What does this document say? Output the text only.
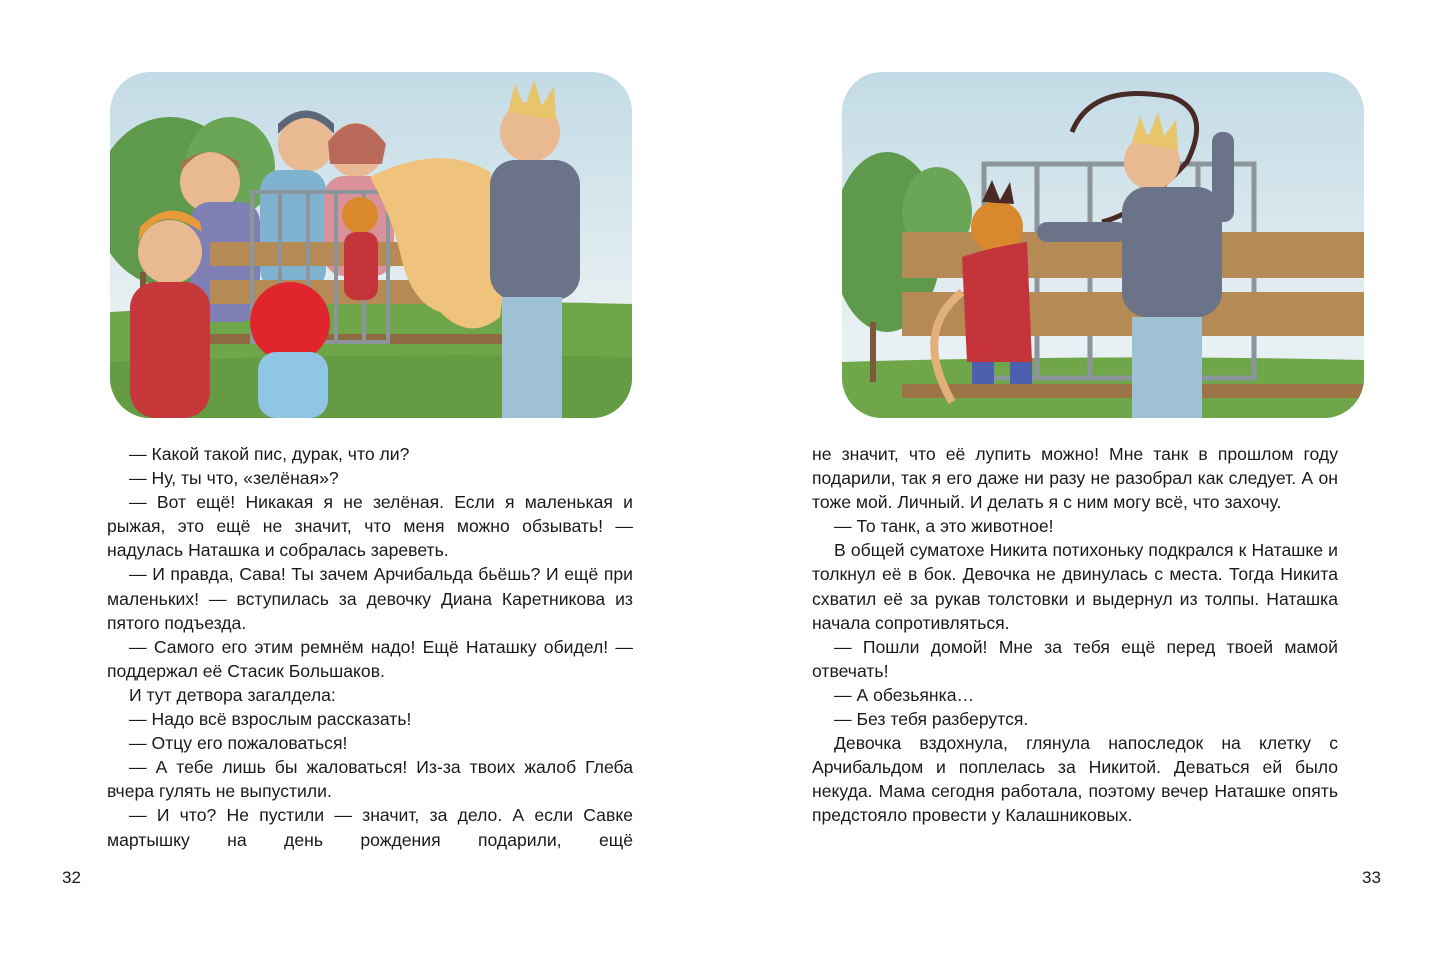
— Какой такой пис, дурак, что ли?

— Ну, ты что, «зелёная»?

— Вот ещё! Никакая я не зелёная. Если я маленькая и рыжая, это ещё не значит, что меня можно обзывать! — надулась Наташка и собралась зареветь.

— И правда, Сава! Ты зачем Арчибальда бьёшь? И ещё при маленьких! — вступилась за девочку Диана Каретникова из пятого подъезда.

— Самого его этим ремнём надо! Ещё Наташку обидел! — поддержал её Стасик Большаков.

И тут детвора загалдела:

— Надо всё взрослым рассказать!

— Отцу его пожаловаться!

— А тебе лишь бы жаловаться! Из-за твоих жалоб Глеба вчера гулять не выпустили.

— И что? Не пустили — значит, за дело. А если Савке мартышку на день рождения подарили, ещё

32

не значит, что её лупить можно! Мне танк в прошлом году подарили, так я его даже ни разу не разобрал как следует. А он тоже мой. Личный. И делать я с ним могу всё, что захочу.

— То танк, а это животное!

В общей суматохе Никита потихоньку подкрался к Наташке и толкнул её в бок. Девочка не двинулась с места. Тогда Никита схватил её за рукав толстовки и выдернул из толпы. Наташка начала сопротивляться.

— Пошли домой! Мне за тебя ещё перед твоей мамой отвечать!

— А обезьянка…

— Без тебя разберутся.

Девочка вздохнула, глянула напоследок на клетку с Арчибальдом и поплелась за Никитой. Деваться ей было некуда. Мама сегодня работала, поэтому вечер Наташке опять предстояло провести у Калашниковых.

33
